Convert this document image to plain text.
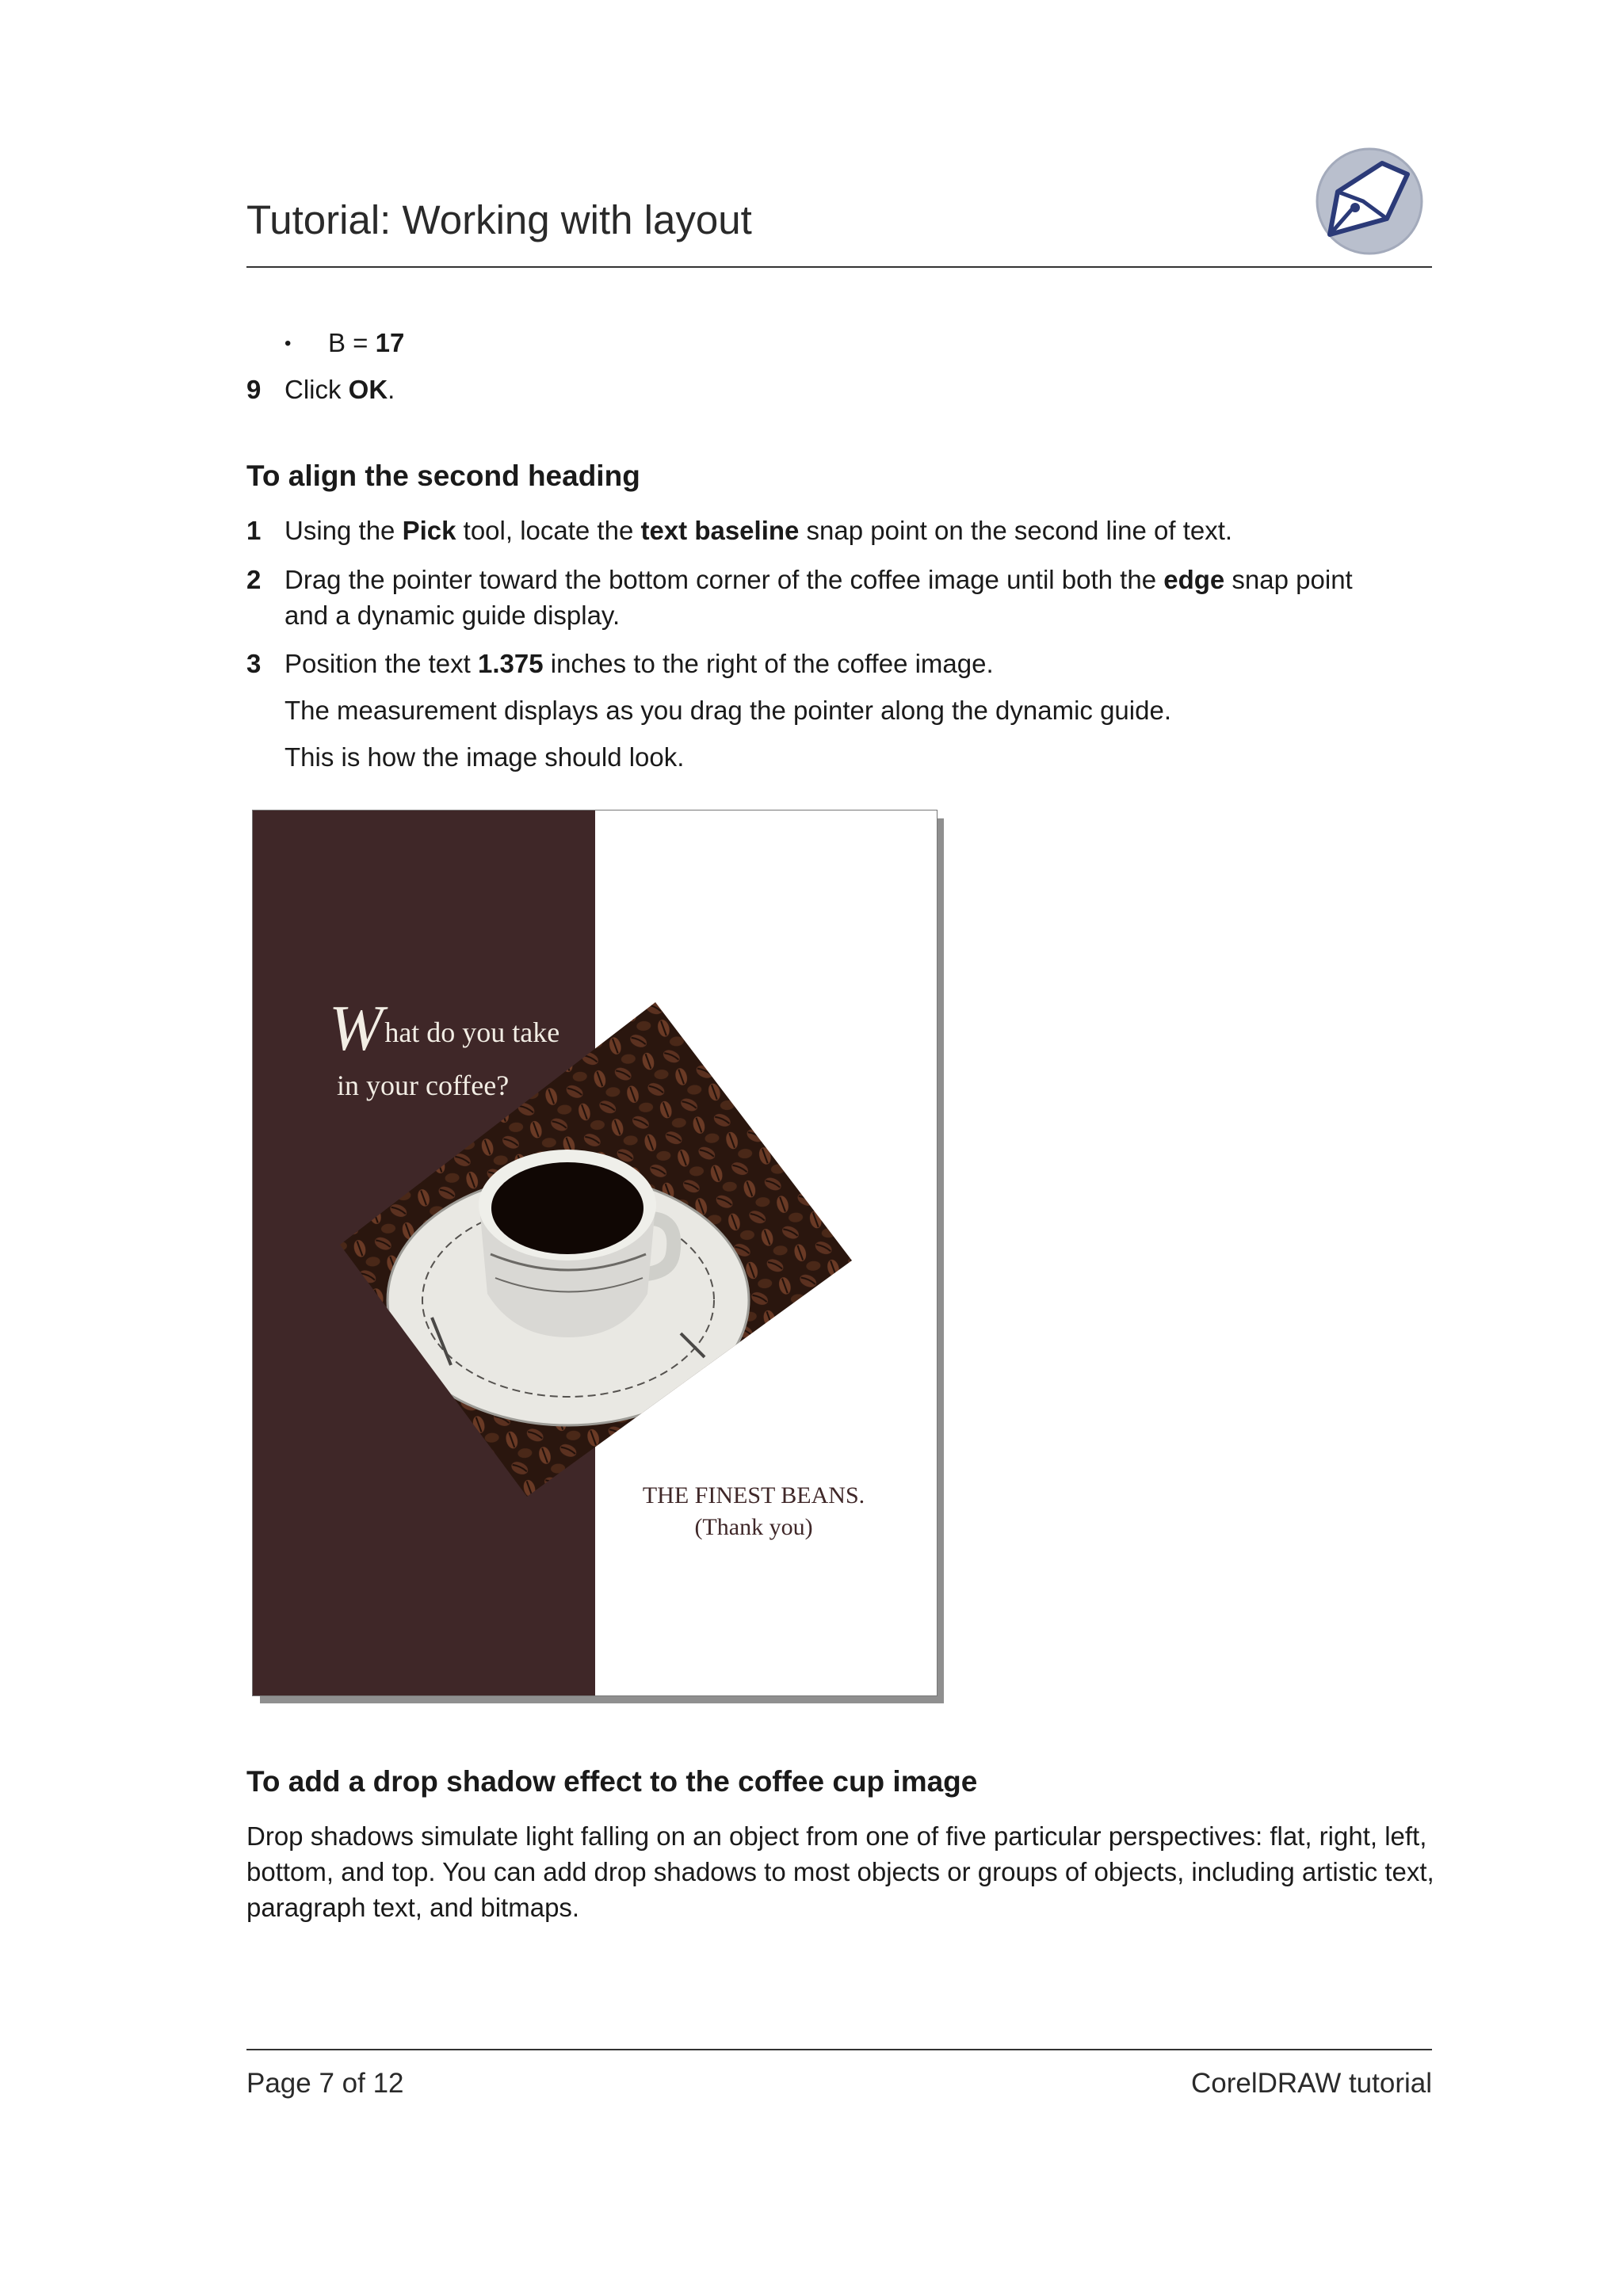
Tutorial: Working with layout
• B = 17
9 Click OK.
To align the second heading
1 Using the Pick tool, locate the text baseline snap point on the second line of text.
2 Drag the pointer toward the bottom corner of the coffee image until both the edge snap point
and a dynamic guide display.
3 Position the text 1.375 inches to the right of the coffee image.
The measurement displays as you drag the pointer along the dynamic guide.
This is how the image should look.
What do you take
in your coffee?
THE FINEST BEANS.
(Thank you)
To add a drop shadow effect to the coffee cup image
Drop shadows simulate light falling on an object from one of five particular perspectives: flat, right, left, bottom, and top. You can add drop shadows to most objects or groups of objects, including artistic text, paragraph text, and bitmaps.
Page 7 of 12	CorelDRAW tutorial
